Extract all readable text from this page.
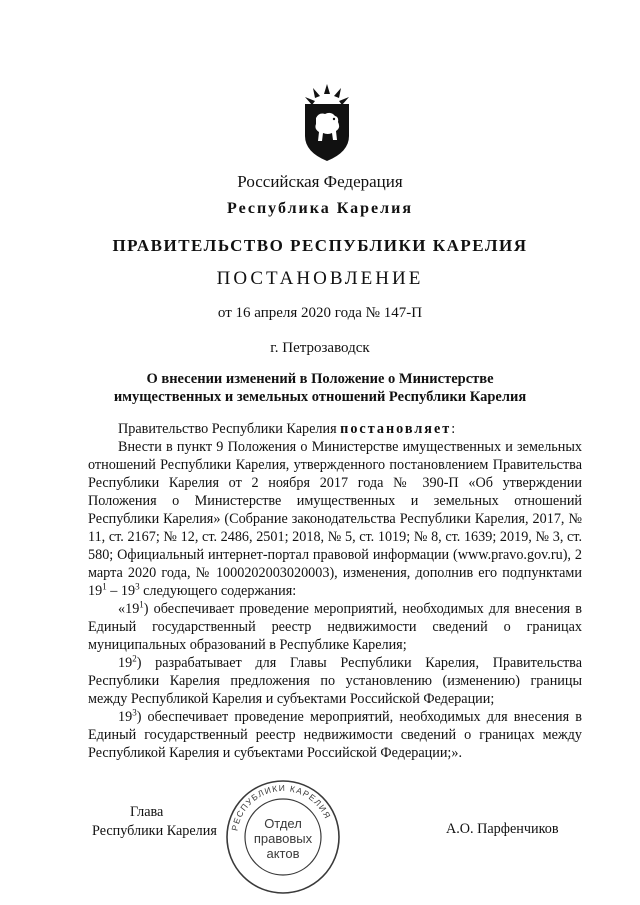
Российская Федерация
Республика Карелия
ПРАВИТЕЛЬСТВО РЕСПУБЛИКИ КАРЕЛИЯ
ПОСТАНОВЛЕНИЕ
от 16 апреля 2020 года № 147-П
г. Петрозаводск
О внесении изменений в Положение о Министерстве
имущественных и земельных отношений Республики Карелия

Правительство Республики Карелия постановляет:

Внести в пункт 9 Положения о Министерстве имущественных и земельных отношений Республики Карелия, утвержденного постановлением Правительства Республики Карелия от 2 ноября 2017 года № 390-П «Об утверждении Положения о Министерстве имущественных и земельных отношений Республики Карелия» (Собрание законодательства Республики Карелия, 2017, № 11, ст. 2167; № 12, ст. 2486, 2501; 2018, № 5, ст. 1019; № 8, ст. 1639; 2019, № 3, ст. 580; Официальный интернет-портал правовой информации (www.pravo.gov.ru), 2 марта 2020 года, № 1000202003020003), изменения, дополнив его подпунктами $19^1 - 19^3$ следующего содержания:

«$19^1$) обеспечивает проведение мероприятий, необходимых для внесения в Единый государственный реестр недвижимости сведений о границах муниципальных образований в Республике Карелия;

$19^2$) разрабатывает для Главы Республики Карелия, Правительства Республики Карелия предложения по установлению (изменению) границы между Республикой Карелия и субъектами Российской Федерации;

$19^3$) обеспечивает проведение мероприятий, необходимых для внесения в Единый государственный реестр недвижимости сведений о границах между Республикой Карелия и субъектами Российской Федерации;».

Глава
Республики Карелия	А.О. Парфенчиков
РЕСПУБЛИКИ КАРЕЛИЯ
Отдел
правовых
актов
